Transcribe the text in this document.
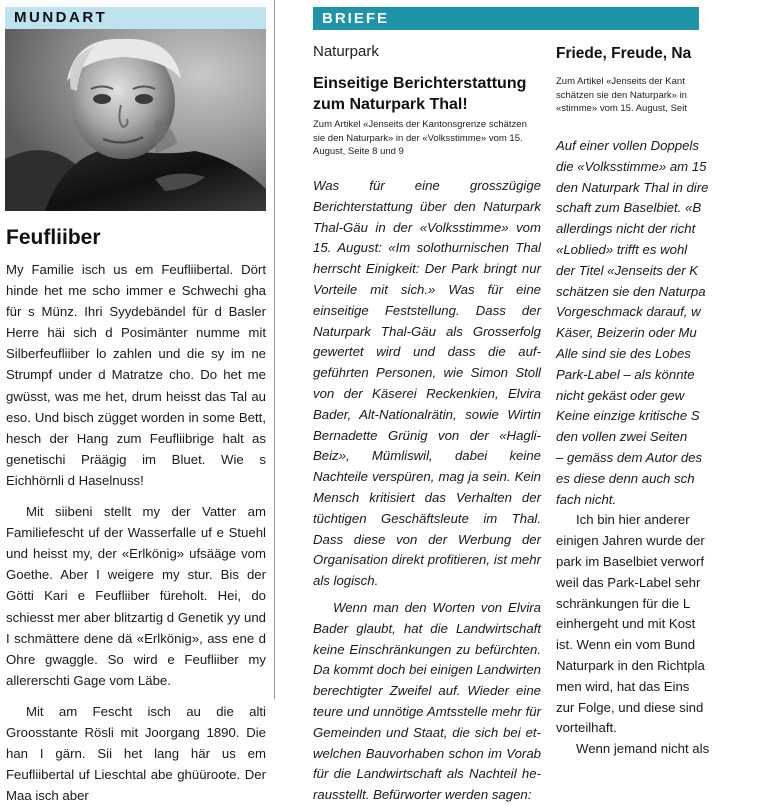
MUNDART
Feufliiber

My Familie isch us em Feufliibertal. Dört hinde het me scho immer e Schwechi gha für s Münz. Ihri Syydebändel für d Basler Herre häi sich d Posimänter numme mit Silberfeufliiber lo zahlen und die sy im ne Strumpf under d Matratze cho. Do het me gwüsst, was me het, drum heisst das Tal au eso. Und bisch zügget worden in some Bett, hesch der Hang zum Feufliibrige halt as genetischi Präägig im Bluet. Wie s Eichhörnli d Haselnuss!

Mit siibeni stellt my der Vatter am Familiefescht uf der Wasserfalle uf e Stuehl und heisst my, der «Erlkönig» ufsääge vom Goethe. Aber I weigere my stur. Bis der Götti Kari e Feufliiber füreholt. Hei, do schiesst mer aber blitzartig d Genetik yy und I schmättere dene dä «Erlkönig», ass ene d Ohre gwaggle. So wird e Feufliiber my allererschti Gage vom Läbe.

Mit am Fescht isch au die alti Groosstante Rösli mit Joorgang 1890. Die han I gärn. Sii het lang här us em Feufliibertal uf Lieschtal abe ghüüroote. Der Maa isch aber

BRIEFE
Naturpark
Einseitige Berichterstattung zum Naturpark Thal!
Zum Artikel «Jenseits der Kantonsgrenze schätzen sie den Naturpark» in der «Volksstimme» vom 15. August, Seite 8 und 9

Was für eine grosszügige Berichterstattung über den Naturpark Thal-Gäu in der «Volksstimme» vom 15. August: «Im solothurnischen Thal herrscht Einigkeit: Der Park bringt nur Vorteile mit sich.» Was für eine einseitige Feststellung. Dass der Naturpark Thal-Gäu als Grosserfolg gewertet wird und dass die aufgeführten Personen, wie Simon Stoll von der Käserei Reckenkien, Elvira Bader, Alt-Nationalrätin, sowie Wirtin Bernadette Grünig von der «Hagli-Beiz», Mümliswil, dabei keine Nachteile verspüren, mag ja sein. Kein Mensch kritisiert das Verhalten der tüchtigen Geschäftsleute im Thal. Dass diese von der Werbung der Organisation direkt profitieren, ist mehr als logisch.

Wenn man den Worten von Elvira Bader glaubt, hat die Landwirtschaft keine Einschränkungen zu befürchten. Da kommt doch bei einigen Landwirten berechtigter Zweifel auf. Wieder eine teure und unnötige Amtsstelle mehr für Gemeinden und Staat, die sich bei etwelchen Bauvorhaben schon im Vorab für die Landwirtschaft als Nachteil herausstellt. Befürworter werden sagen:

Friede, Freude, Na
Zum Artikel «Jenseits der Kant
schätzen sie den Naturpark» in
«stimme» vom 15. August, Seit
Auf einer vollen Doppels
die «Volksstimme» am 15
den Naturpark Thal in dire
schaft zum Baselbiet. «B
allerdings nicht der richt
«Loblied» trifft es wohl
der Titel «Jenseits der K
schätzen sie den Naturpa
Vorgeschmack darauf, w
Käser, Beizerin oder Mu
Alle sind sie des Lobes
Park-Label – als könnte
nicht gekäst oder gew
Keine einzige kritische S
den vollen zwei Seiten
– gemäss dem Autor des
es diese denn auch sch
fach nicht.
Ich bin hier anderer
einigen Jahren wurde der
park im Baselbiet verworf
weil das Park-Label sehr
schränkungen für die L
einhergeht und mit Kost
ist. Wenn ein vom Bund
Naturpark in den Richtpla
men wird, hat das Eins
zur Folge, und diese sind
vorteilhaft.
Wenn jemand nicht als
